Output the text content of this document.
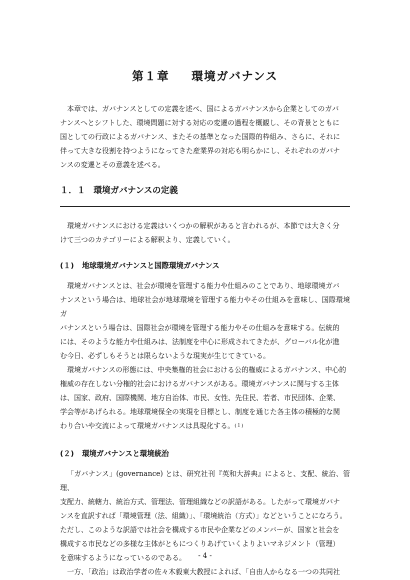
第１章 環境ガバナンス

本章では、ガバナンスとしての定義を述べ、国によるガバナンスから企業としてのガバ

ナンスへとシフトした、環境問題に対する対応の変遷の過程を概観し、その背景とともに

国としての行政によるガバナンス、またその基準となった国際的枠組み、さらに、それに

伴って大きな役割を持つようになってきた産業界の対応も明らかにし、それぞれのガバナ

ンスの変遷とその意義を述べる。

１．１ 環境ガバナンスの定義

環境ガバナンスにおける定義はいくつかの解釈があると言われるが、本節では大きく分

けて三つのカテゴリーによる解釈より、定義していく。

(１) 地球環境ガバナンスと国際環境ガバナンス

環境ガバナンスとは、社会が環境を管理する能力や仕組みのことであり、地球環境ガバ

ナンスという場合は、地球社会が地球環境を管理する能力やその仕組みを意味し、国際環境ガ

バナンスという場合は、国際社会が環境を管理する能力やその仕組みを意味する。伝統的

には、そのような能力や仕組みは、法制度を中心に形成されてきたが、グローバル化が進

む今日、必ずしもそうとは限らないような現実が生じてきている。

環境ガバナンスの形態には、中央集権的社会における公的権威によるガバナンス、中心的

権威の存在しない分権的社会におけるガバナンスがある。環境ガバナンスに関与する主体

は、国家、政府、国際機関、地方自治体、市民、女性、先住民、若者、市民団体、企業、

学会等があげられる。地球環境保全の実現を目標とし、制度を通じた各主体の積極的な関

わり合いや交流によって環境ガバナンスは具現化する。(１)

(２) 環境ガバナンスと環境統治

「ガバナンス」(governance) とは、研究社刊『英和大辞典』によると、支配、統治、管理、

支配力、統轄力、統治方式、管理法、管理組織などの訳語がある。したがって環境ガバナ

ンスを直訳すれば「環境管理（法、組織）」、「環境統治（方式）」などということになろう。

ただし、このような訳語では社会を構成する市民や企業などのメンバーが、国家と社会を

構成する市民などの多様な主体がともにつくりあげていくよりよいマネジメント（管理）

を意味するようになっているのである。

一方、「政治」は政治学者の佐々木毅東大教授によれば、「自由人からなる一つの共同社

- 4 -
